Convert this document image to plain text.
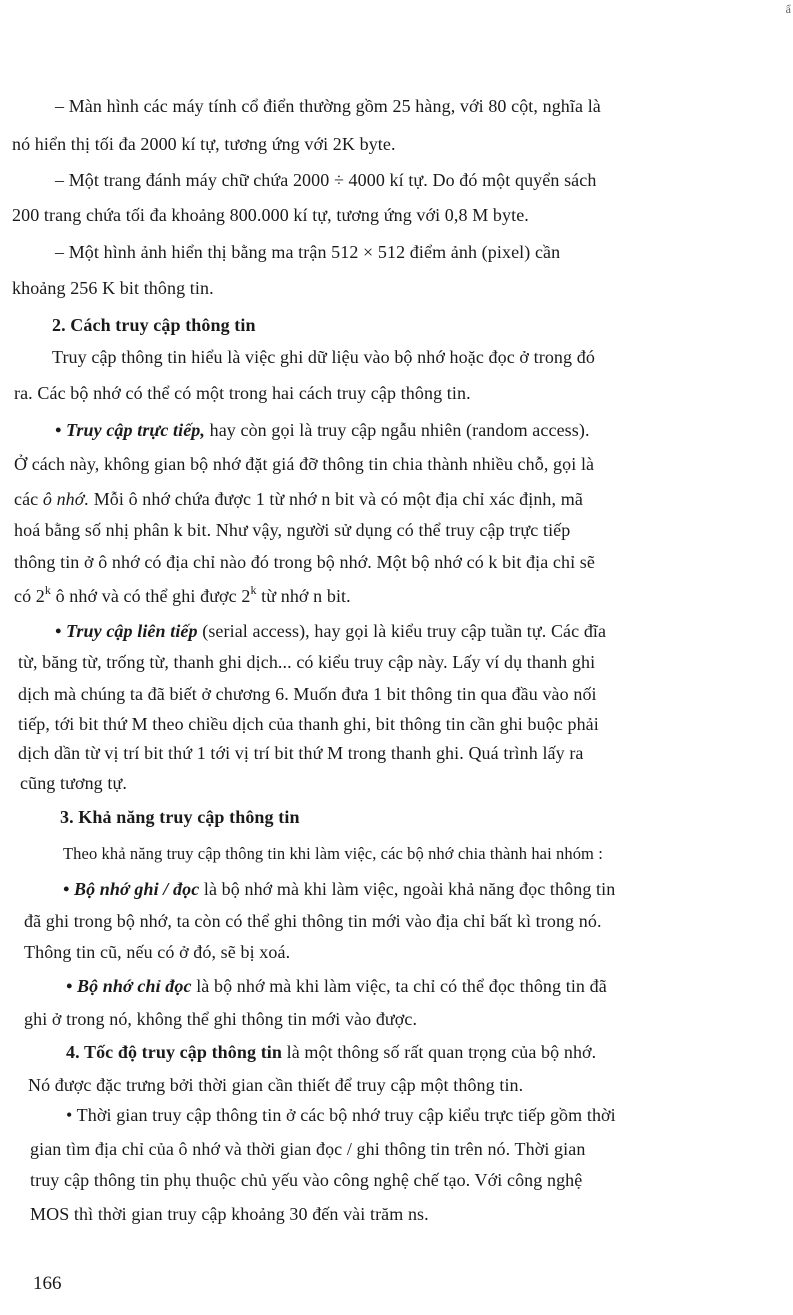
ẩ
– Màn hình các máy tính cổ điển thường gồm 25 hàng, với 80 cột, nghĩa là
nó hiển thị tối đa 2000 kí tự, tương ứng với 2K byte.
– Một trang đánh máy chữ chứa 2000 ÷ 4000 kí tự. Do đó một quyển sách
200 trang chứa tối đa khoảng 800.000 kí tự, tương ứng với 0,8 M byte.
– Một hình ảnh hiển thị bằng ma trận 512 × 512 điểm ảnh (pixel) cần
khoảng 256 K bit thông tin.
2. Cách truy cập thông tin
Truy cập thông tin hiểu là việc ghi dữ liệu vào bộ nhớ hoặc đọc ở trong đó
ra. Các bộ nhớ có thể có một trong hai cách truy cập thông tin.
• Truy cập trực tiếp, hay còn gọi là truy cập ngẫu nhiên (random access).
Ở cách này, không gian bộ nhớ đặt giá đỡ thông tin chia thành nhiều chỗ, gọi là
các ô nhớ. Mỗi ô nhớ chứa được 1 từ nhớ n bit và có một địa chỉ xác định, mã
hoá bằng số nhị phân k bit. Như vậy, người sử dụng có thể truy cập trực tiếp
thông tin ở ô nhớ có địa chỉ nào đó trong bộ nhớ. Một bộ nhớ có k bit địa chỉ sẽ
có 2$^k$ ô nhớ và có thể ghi được 2$^k$ từ nhớ n bit.
• Truy cập liên tiếp (serial access), hay gọi là kiểu truy cập tuần tự. Các đĩa
từ, băng từ, trống từ, thanh ghi dịch... có kiểu truy cập này. Lấy ví dụ thanh ghi
dịch mà chúng ta đã biết ở chương 6. Muốn đưa 1 bit thông tin qua đầu vào nối
tiếp, tới bit thứ M theo chiều dịch của thanh ghi, bit thông tin cần ghi buộc phải
dịch dần từ vị trí bit thứ 1 tới vị trí bit thứ M trong thanh ghi. Quá trình lấy ra
cũng tương tự.
3. Khả năng truy cập thông tin
Theo khả năng truy cập thông tin khi làm việc, các bộ nhớ chia thành hai nhóm :
• Bộ nhớ ghi / đọc là bộ nhớ mà khi làm việc, ngoài khả năng đọc thông tin
đã ghi trong bộ nhớ, ta còn có thể ghi thông tin mới vào địa chỉ bất kì trong nó.
Thông tin cũ, nếu có ở đó, sẽ bị xoá.
• Bộ nhớ chỉ đọc là bộ nhớ mà khi làm việc, ta chỉ có thể đọc thông tin đã
ghi ở trong nó, không thể ghi thông tin mới vào được.
4. Tốc độ truy cập thông tin là một thông số rất quan trọng của bộ nhớ.
Nó được đặc trưng bởi thời gian cần thiết để truy cập một thông tin.
• Thời gian truy cập thông tin ở các bộ nhớ truy cập kiểu trực tiếp gồm thời
gian tìm địa chỉ của ô nhớ và thời gian đọc / ghi thông tin trên nó. Thời gian
truy cập thông tin phụ thuộc chủ yếu vào công nghệ chế tạo. Với công nghệ
MOS thì thời gian truy cập khoảng 30 đến vài trăm ns.
166
